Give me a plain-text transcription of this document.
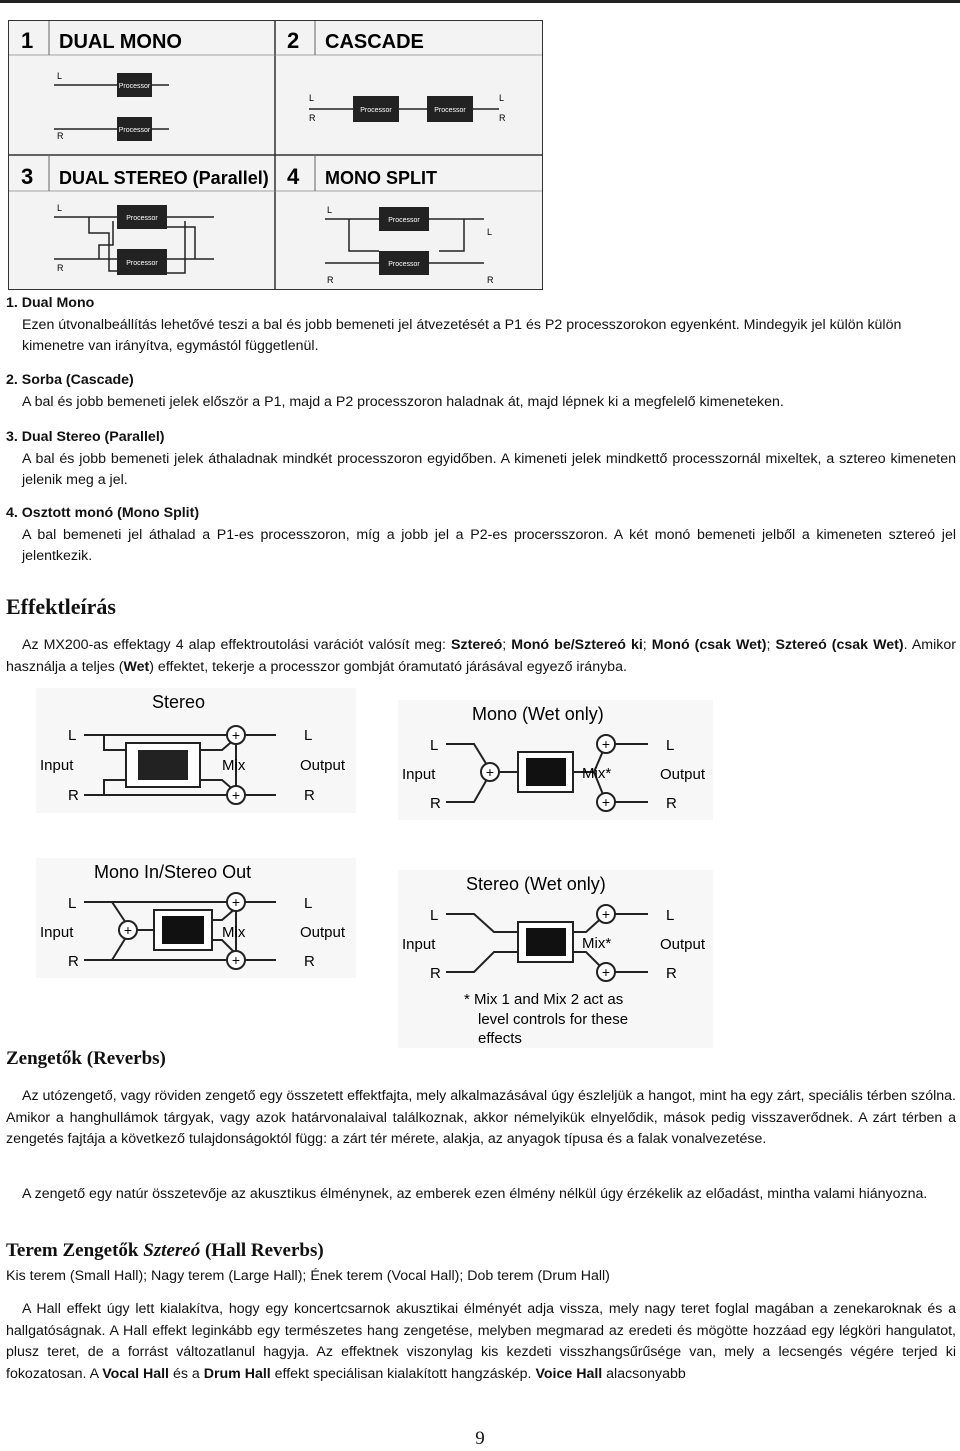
1 DUAL MONO	2 CASCADE
3 DUAL STEREO (Parallel) 4 MONO SPLIT
Processor
Processor
L
R
Processor	Processor
L
R
L
R
Processor
Processor
L
R
Processor
Processor
L
R
L
R
1. Dual Mono

Ezen útvonalbeállítás lehetővé teszi a bal és jobb bemeneti jel átvezetését a P1 és P2 processzorokon egyenként. Mindegyik jel külön külön kimenetre van irányítva, egymástól függetlenül.

2. Sorba (Cascade)

A bal és jobb bemeneti jelek először a P1, majd a P2 processzoron haladnak át, majd lépnek ki a megfelelő kimeneteken.

3. Dual Stereo (Parallel)

A bal és jobb bemeneti jelek áthaladnak mindkét processzoron egyidőben. A kimeneti jelek mindkettő processzornál mixeltek, a sztereo kimeneten jelenik meg a jel.

4. Osztott monó (Mono Split)

A bal bemeneti jel áthalad a P1-es processzoron, míg a jobb jel a P2-es procersszoron. A két monó bemeneti jelből a kimeneten sztereó jel jelentkezik.

Effektleírás

Az MX200-as effektagy 4 alap effektroutolási varációt valósít meg: Sztereó; Monó be/Sztereó ki; Monó (csak Wet); Sztereó (csak Wet). Amikor használja a teljes (Wet) effektet, tekerje a processzor gombját óramutató járásával egyező irányba.

Stereo
L
Input
R
L
Output
R
+
+
Mix
Mono (Wet only)
L
Input
R
L
Output
R
+
+
+
Mix*
Mono In/Stereo Out
L
Input
R
L
Output
R
+
+
+
Mix
Stereo (Wet only)
L
Input
R
L
Output
R
+
+
Mix*
* Mix 1 and Mix 2 act as
level controls for these
effects
Zengetők (Reverbs)

Az utózengető, vagy röviden zengető egy összetett effektfajta, mely alkalmazásával úgy észleljük a hangot, mint ha egy zárt, speciális térben szólna. Amikor a hanghullámok tárgyak, vagy azok határvonalaival találkoznak, akkor némelyikük elnyelődik, mások pedig visszaverődnek. A zárt térben a zengetés fajtája a következő tulajdonságoktól függ: a zárt tér mérete, alakja, az anyagok típusa és a falak vonalvezetése.

A zengető egy natúr összetevője az akusztikus élménynek, az emberek ezen élmény nélkül úgy érzékelik az előadást, mintha valami hiányozna.

Terem Zengetők Sztereó (Hall Reverbs)

Kis terem (Small Hall); Nagy terem (Large Hall); Ének terem (Vocal Hall); Dob terem (Drum Hall)

A Hall effekt úgy lett kialakítva, hogy egy koncertcsarnok akusztikai élményét adja vissza, mely nagy teret foglal magában a zenekaroknak és a hallgatóságnak. A Hall effekt leginkább egy természetes hang zengetése, melyben megmarad az eredeti és mögötte hozzáad egy légköri hangulatot, plusz teret, de a forrást változatlanul hagyja. Az effektnek viszonylag kis kezdeti visszhangsűrűsége van, mely a lecsengés végére terjed ki fokozatosan. A Vocal Hall és a Drum Hall effekt speciálisan kialakított hangzáskép. Voice Hall alacsonyabb

9
